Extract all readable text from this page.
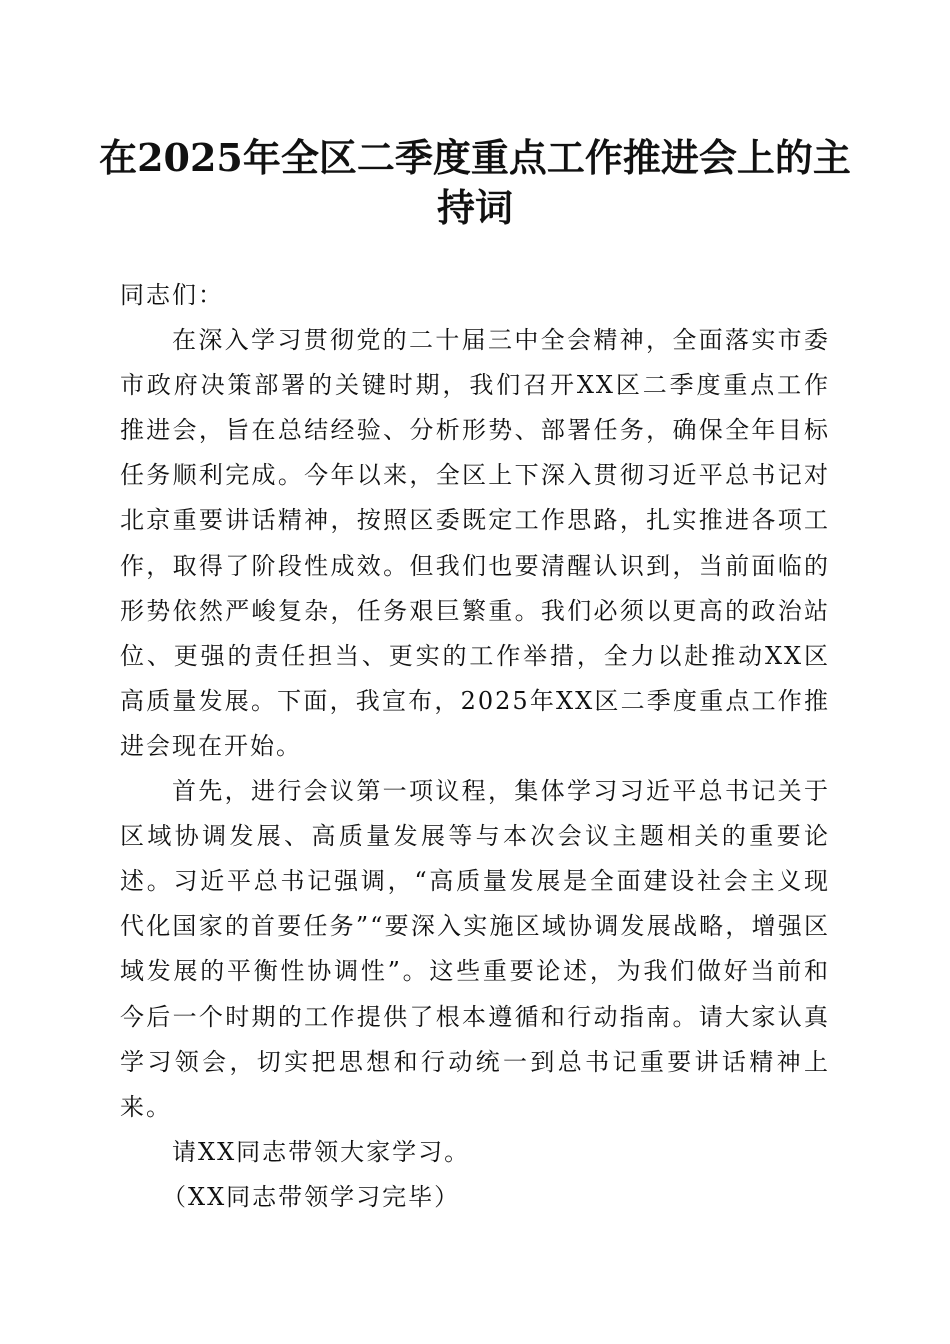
在2025年全区二季度重点工作推进会上的主持词

同志们：

在深入学习贯彻党的二十届三中全会精神，全面落实市委市政府决策部署的关键时期，我们召开XX区二季度重点工作推进会，旨在总结经验、分析形势、部署任务，确保全年目标任务顺利完成。今年以来，全区上下深入贯彻习近平总书记对北京重要讲话精神，按照区委既定工作思路，扎实推进各项工作，取得了阶段性成效。但我们也要清醒认识到，当前面临的形势依然严峻复杂，任务艰巨繁重。我们必须以更高的政治站位、更强的责任担当、更实的工作举措，全力以赴推动XX区高质量发展。下面，我宣布，2025年XX区二季度重点工作推进会现在开始。

首先，进行会议第一项议程，集体学习习近平总书记关于区域协调发展、高质量发展等与本次会议主题相关的重要论述。习近平总书记强调，“高质量发展是全面建设社会主义现代化国家的首要任务”“要深入实施区域协调发展战略，增强区域发展的平衡性协调性”。这些重要论述，为我们做好当前和今后一个时期的工作提供了根本遵循和行动指南。请大家认真学习领会，切实把思想和行动统一到总书记重要讲话精神上来。

请XX同志带领大家学习。

（XX同志带领学习完毕）
